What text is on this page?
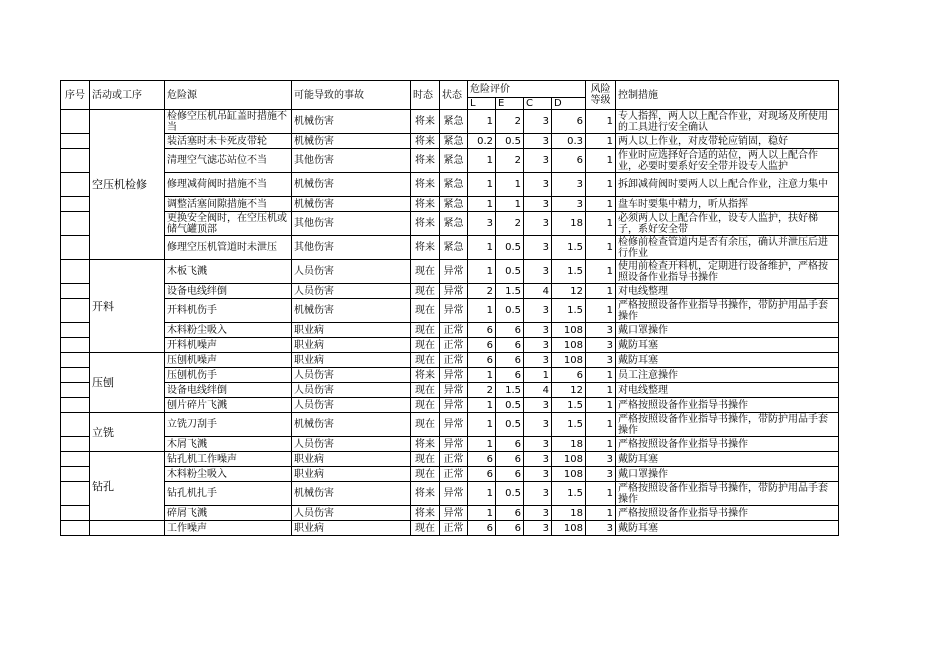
序号	活动或工序	危险源	可能导致的事故	时态	状态	危险评价				风险等级	控制措施
						L	E	C	D		
	空压机检修	检修空压机吊缸盖时措施不当	机械伤害	将来	紧急	1	2	3	6	1	专人指挥，两人以上配合作业，对现场及所使用的工具进行安全确认
		装活塞时未卡死皮带轮	机械伤害	将来	紧急	0.2	0.5	3	0.3	1	两人以上作业，对皮带轮应销固，稳好
		清理空气滤芯站位不当	其他伤害	将来	紧急	1	2	3	6	1	作业时应选择好合适的站位，两人以上配合作业，必要时要系好安全带并设专人监护
		修理减荷阀时措施不当	机械伤害	将来	紧急	1	1	3	3	1	拆卸减荷阀时要两人以上配合作业，注意力集中
		调整活塞间隙措施不当	机械伤害	将来	紧急	1	1	3	3	1	盘车时要集中精力，听从指挥
		更换安全阀时，在空压机或储气罐顶部	其他伤害	将来	紧急	3	2	3	18	1	必须两人以上配合作业，设专人监护，扶好梯子，系好安全带
		修理空压机管道时未泄压	其他伤害	将来	紧急	1	0.5	3	1.5	1	检修前检查管道内是否有余压，确认并泄压后进行作业
	开料	木板飞溅	人员伤害	现在	异常	1	0.5	3	1.5	1	使用前检查开料机，定期进行设备维护，严格按照设备作业指导书操作
		设备电线绊倒	人员伤害	现在	异常	2	1.5	4	12	1	对电线整理
		开料机伤手	机械伤害	现在	异常	1	0.5	3	1.5	1	严格按照设备作业指导书操作，带防护用品手套操作
		木料粉尘吸入	职业病	现在	正常	6	6	3	108	3	戴口罩操作
		开料机噪声	职业病	现在	正常	6	6	3	108	3	戴防耳塞
	压刨	压刨机噪声	职业病	现在	正常	6	6	3	108	3	戴防耳塞
		压刨机伤手	人员伤害	将来	异常	1	6	1	6	1	员工注意操作
		设备电线绊倒	人员伤害	现在	异常	2	1.5	4	12	1	对电线整理
		刨片碎片飞溅	人员伤害	现在	异常	1	0.5	3	1.5	1	严格按照设备作业指导书操作
	立铣	立铣刀刮手	机械伤害	现在	异常	1	0.5	3	1.5	1	严格按照设备作业指导书操作，带防护用品手套操作
		木屑飞溅	人员伤害	将来	异常	1	6	3	18	1	严格按照设备作业指导书操作
	钻孔	钻孔机工作噪声	职业病	现在	正常	6	6	3	108	3	戴防耳塞
		木料粉尘吸入	职业病	现在	正常	6	6	3	108	3	戴口罩操作
		钻孔机扎手	机械伤害	将来	异常	1	0.5	3	1.5	1	严格按照设备作业指导书操作，带防护用品手套操作
		碎屑飞溅	人员伤害	将来	异常	1	6	3	18	1	严格按照设备作业指导书操作
		工作噪声	职业病	现在	正常	6	6	3	108	3	戴防耳塞
